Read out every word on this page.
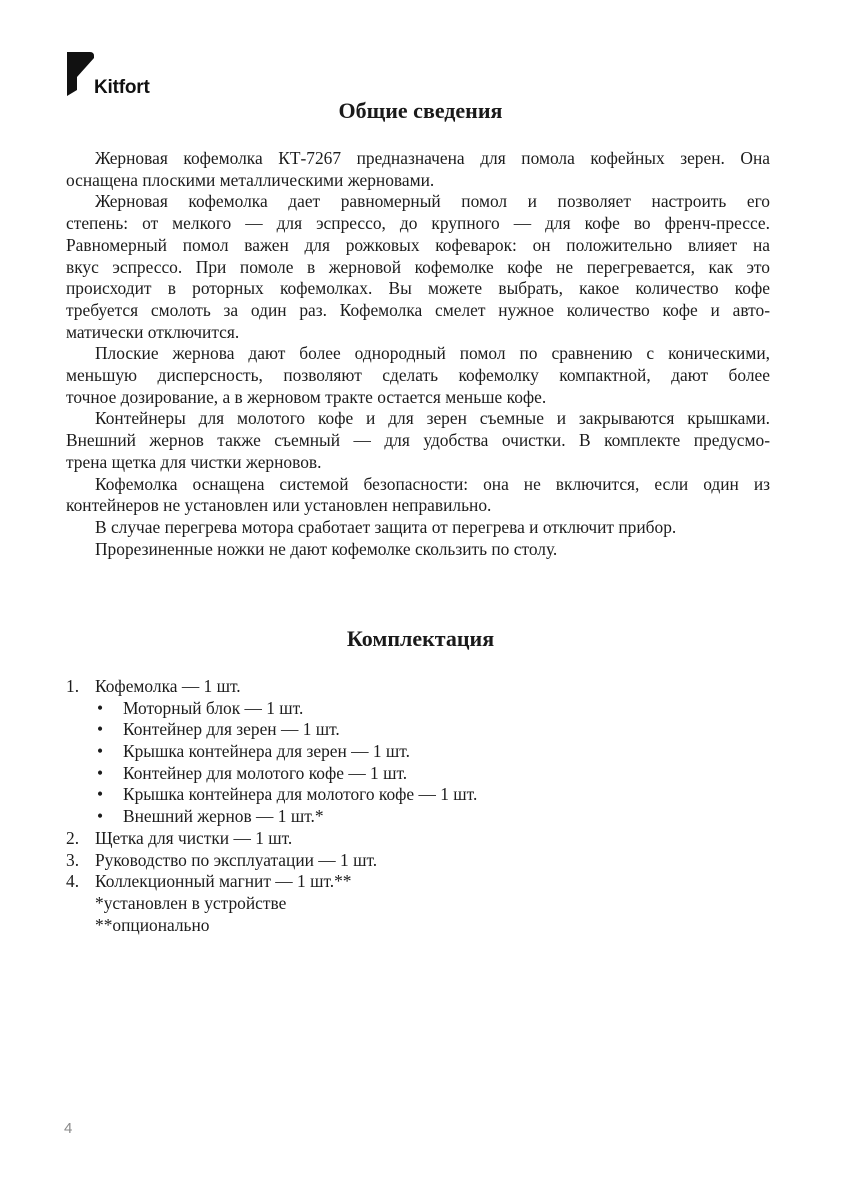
Kitfort
Общие сведения

Жерновая кофемолка КТ-7267 предназначена для помола кофейных зерен. Она
оснащена плоскими металлическими жерновами.

Жерновая кофемолка дает равномерный помол и позволяет настроить его
степень: от мелкого — для эспрессо, до крупного — для кофе во френч-прессе.
Равномерный помол важен для рожковых кофеварок: он положительно влияет на
вкус эспрессо. При помоле в жерновой кофемолке кофе не перегревается, как это
происходит в роторных кофемолках. Вы можете выбрать, какое количество кофе
требуется смолоть за один раз. Кофемолка смелет нужное количество кофе и авто-
матически отключится.

Плоские жернова дают более однородный помол по сравнению с коническими,
меньшую дисперсность, позволяют сделать кофемолку компактной, дают более
точное дозирование, а в жерновом тракте остается меньше кофе.

Контейнеры для молотого кофе и для зерен съемные и закрываются крышками.
Внешний жернов также съемный — для удобства очистки. В комплекте предусмо-
трена щетка для чистки жерновов.

Кофемолка оснащена системой безопасности: она не включится, если один из
контейнеров не установлен или установлен неправильно.

В случае перегрева мотора сработает защита от перегрева и отключит прибор.

Прорезиненные ножки не дают кофемолке скользить по столу.

Комплектация
1. Кофемолка — 1 шт.
• Моторный блок — 1 шт.
• Контейнер для зерен — 1 шт.
• Крышка контейнера для зерен — 1 шт.
• Контейнер для молотого кофе — 1 шт.
• Крышка контейнера для молотого кофе — 1 шт.
• Внешний жернов — 1 шт.*
2. Щетка для чистки — 1 шт.
3. Руководство по эксплуатации — 1 шт.
4. Коллекционный магнит — 1 шт.**
*установлен в устройстве
**опционально
4
